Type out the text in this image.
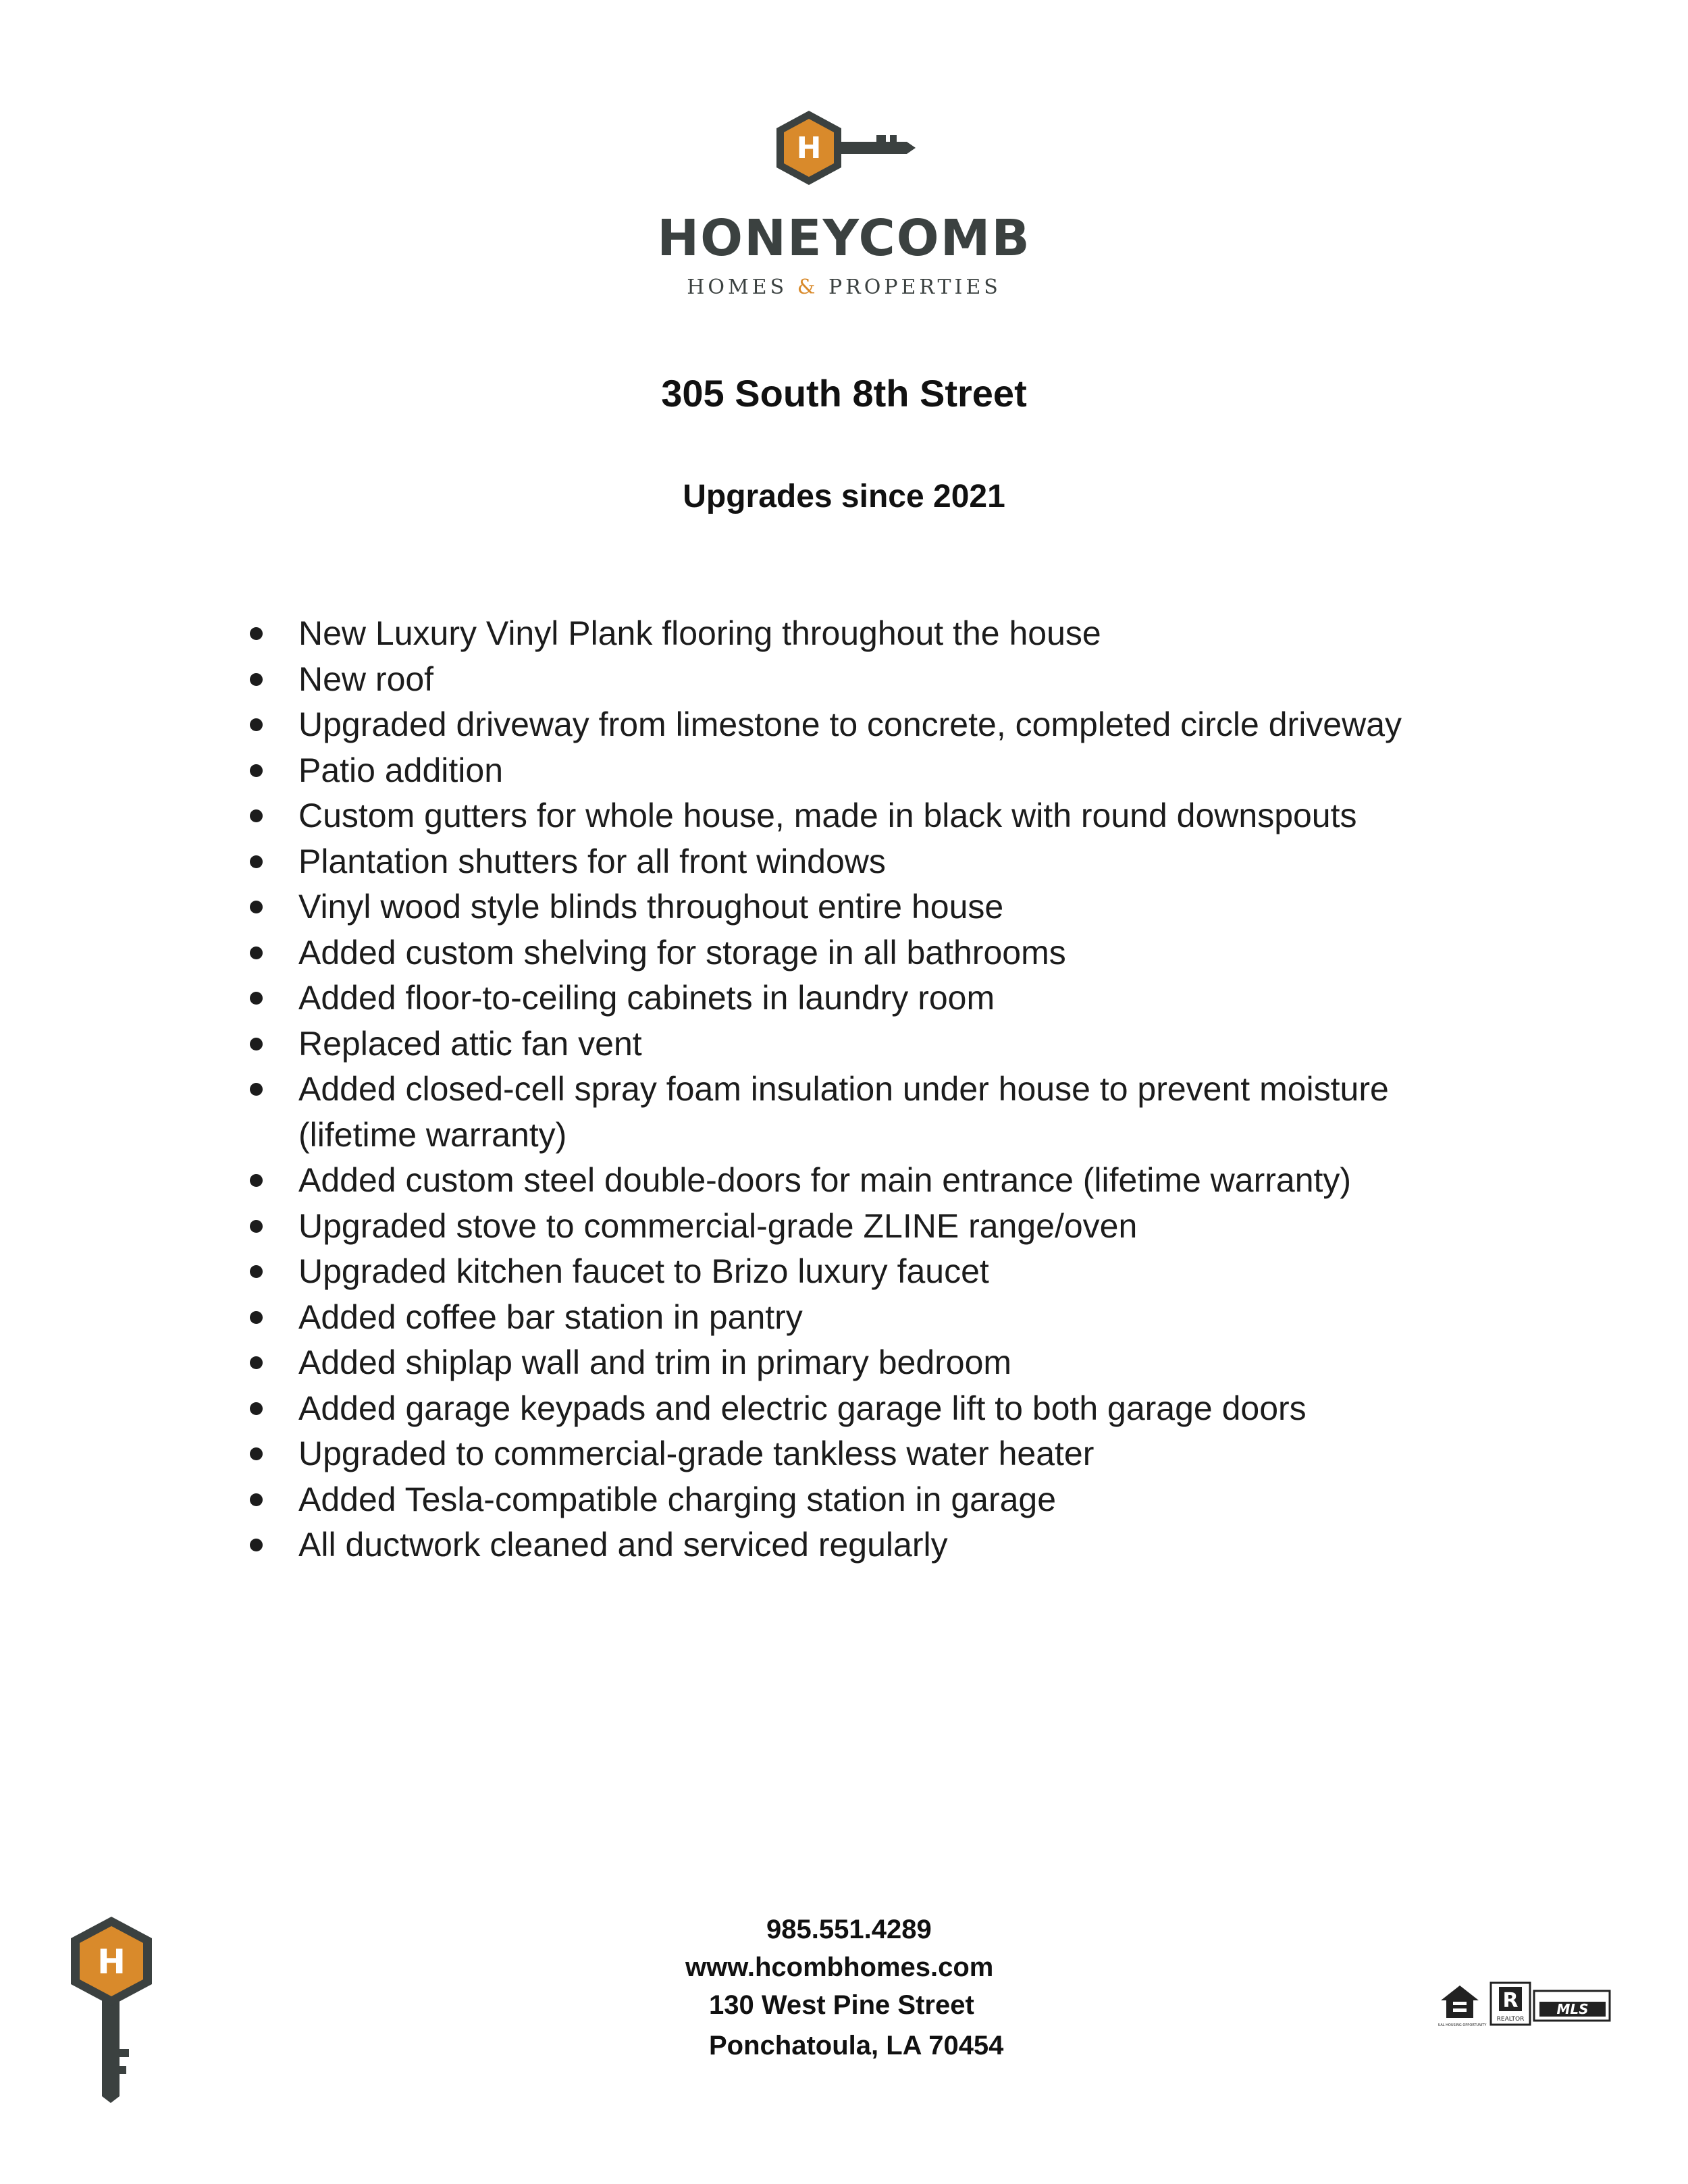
H
HONEYCOMB
HOMES & PROPERTIES
305 South 8th Street
Upgrades since 2021
New Luxury Vinyl Plank flooring throughout the house
New roof
Upgraded driveway from limestone to concrete, completed circle driveway
Patio addition
Custom gutters for whole house, made in black with round downspouts
Plantation shutters for all front windows
Vinyl wood style blinds throughout entire house
Added custom shelving for storage in all bathrooms
Added floor-to-ceiling cabinets in laundry room
Replaced attic fan vent
Added closed-cell spray foam insulation under house to prevent moisture (lifetime warranty)
Added custom steel double-doors for main entrance (lifetime warranty)
Upgraded stove to commercial-grade ZLINE range/oven
Upgraded kitchen faucet to Brizo luxury faucet
Added coffee bar station in pantry
Added shiplap wall and trim in primary bedroom
Added garage keypads and electric garage lift to both garage doors
Upgraded to commercial-grade tankless water heater
Added Tesla-compatible charging station in garage
All ductwork cleaned and serviced regularly
H
985.551.4289
www.hcombhomes.com
130 West Pine Street
Ponchatoula, LA 70454
EQUAL HOUSING OPPORTUNITY
R
REALTOR
MLS
